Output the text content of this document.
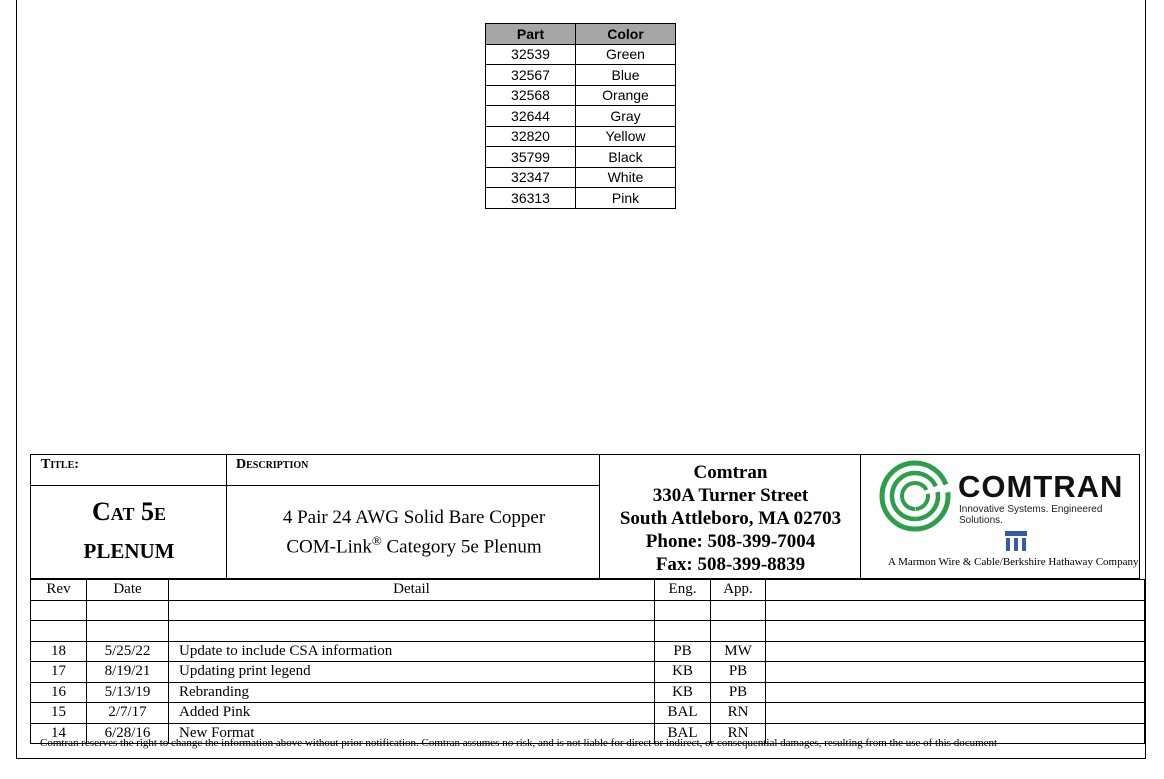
Part	Color
32539	Green
32567	Blue
32568	Orange
32644	Gray
32820	Yellow
35799	Black
32347	White
36313	Pink
Title:	Description
Cat 5e
PLENUM
4 Pair 24 AWG Solid Bare Copper
COM-Link® Category 5e Plenum
Comtran
330A Turner Street
South Attleboro, MA 02703
Phone: 508-399-7004
Fax: 508-399-8839
COMTRAN
Innovative Systems. Engineered Solutions.
A Marmon Wire & Cable/Berkshire Hathaway Company
Rev	Date	Detail	Eng.	App.	

18	5/25/22	Update to include CSA information	PB	MW	
17	8/19/21	Updating print legend	KB	PB	
16	5/13/19	Rebranding	KB	PB	
15	2/7/17	Added Pink	BAL	RN	
14	6/28/16	New Format	BAL	RN	
Comtran reserves the right to change the information above without prior notification. Comtran assumes no risk, and is not liable for direct or indirect, or consequential damages, resulting from the use of this document
